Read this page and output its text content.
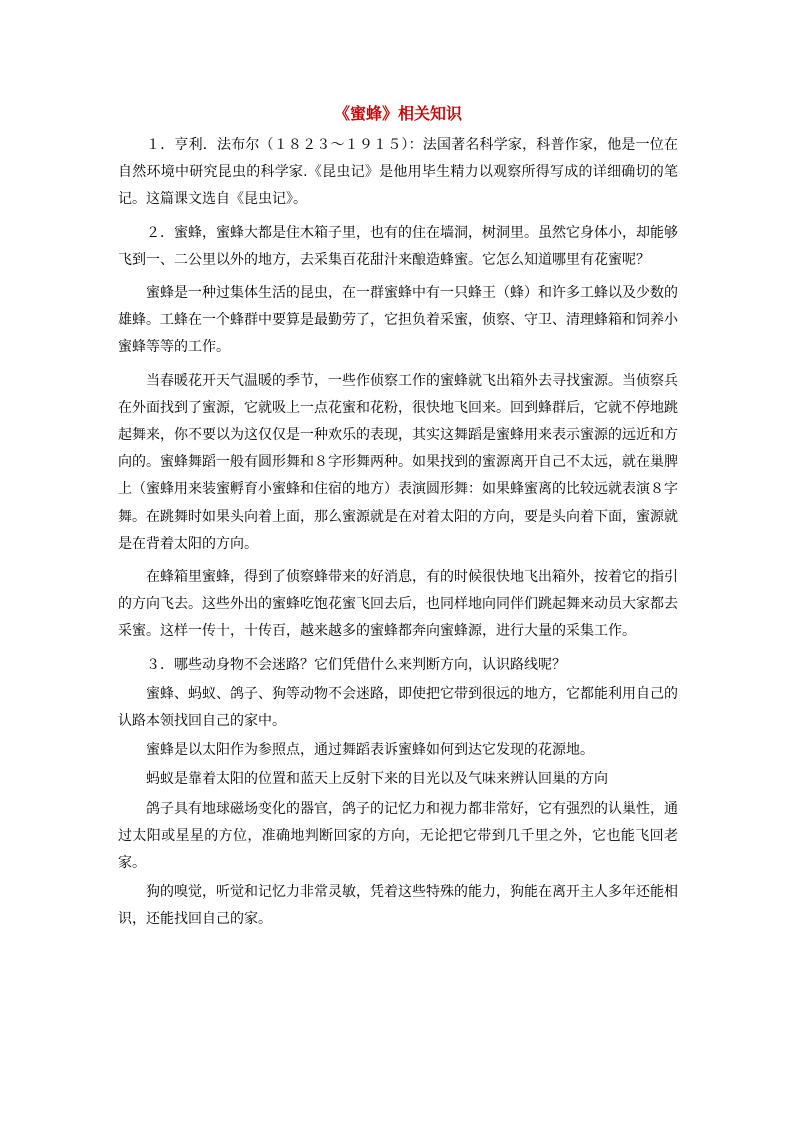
《蜜蜂》相关知识

１．亨利．法布尔（１８２３～１９１５）：法国著名科学家，科普作家，他是一位在自然环境中研究昆虫的科学家.《昆虫记》是他用毕生精力以观察所得写成的详细确切的笔记。这篇课文选自《昆虫记》。

２．蜜蜂，蜜蜂大都是住木箱子里，也有的住在墙洞，树洞里。虽然它身体小，却能够飞到一、二公里以外的地方，去采集百花甜汁来酿造蜂蜜。它怎么知道哪里有花蜜呢？

蜜蜂是一种过集体生活的昆虫，在一群蜜蜂中有一只蜂王（蜂）和许多工蜂以及少数的雄蜂。工蜂在一个蜂群中要算是最勤劳了，它担负着采蜜，侦察、守卫、清理蜂箱和饲养小蜜蜂等等的工作。

当春暖花开天气温暖的季节，一些作侦察工作的蜜蜂就飞出箱外去寻找蜜源。当侦察兵在外面找到了蜜源，它就吸上一点花蜜和花粉，很快地飞回来。回到蜂群后，它就不停地跳起舞来，你不要以为这仅仅是一种欢乐的表现，其实这舞蹈是蜜蜂用来表示蜜源的远近和方向的。蜜蜂舞蹈一般有圆形舞和８字形舞两种。如果找到的蜜源离开自己不太远，就在巢脾上（蜜蜂用来装蜜孵育小蜜蜂和住宿的地方）表演圆形舞：如果蜂蜜离的比较远就表演８字舞。在跳舞时如果头向着上面，那么蜜源就是在对着太阳的方向，要是头向着下面，蜜源就是在背着太阳的方向。

在蜂箱里蜜蜂，得到了侦察蜂带来的好消息，有的时候很快地飞出箱外，按着它的指引的方向飞去。这些外出的蜜蜂吃饱花蜜飞回去后，也同样地向同伴们跳起舞来动员大家都去采蜜。这样一传十，十传百，越来越多的蜜蜂都奔向蜜蜂源，进行大量的采集工作。

３．哪些动身物不会迷路？它们凭借什么来判断方向，认识路线呢？

蜜蜂、蚂蚁、鸽子、狗等动物不会迷路，即使把它带到很远的地方，它都能利用自己的认路本领找回自己的家中。

蜜蜂是以太阳作为参照点，通过舞蹈表诉蜜蜂如何到达它发现的花源地。

蚂蚁是靠着太阳的位置和蓝天上反射下来的目光以及气味来辨认回巢的方向

鸽子具有地球磁场变化的器官，鸽子的记忆力和视力都非常好，它有强烈的认巢性，通过太阳或星星的方位，准确地判断回家的方向，无论把它带到几千里之外，它也能飞回老家。

狗的嗅觉，听觉和记忆力非常灵敏，凭着这些特殊的能力，狗能在离开主人多年还能相识，还能找回自己的家。
